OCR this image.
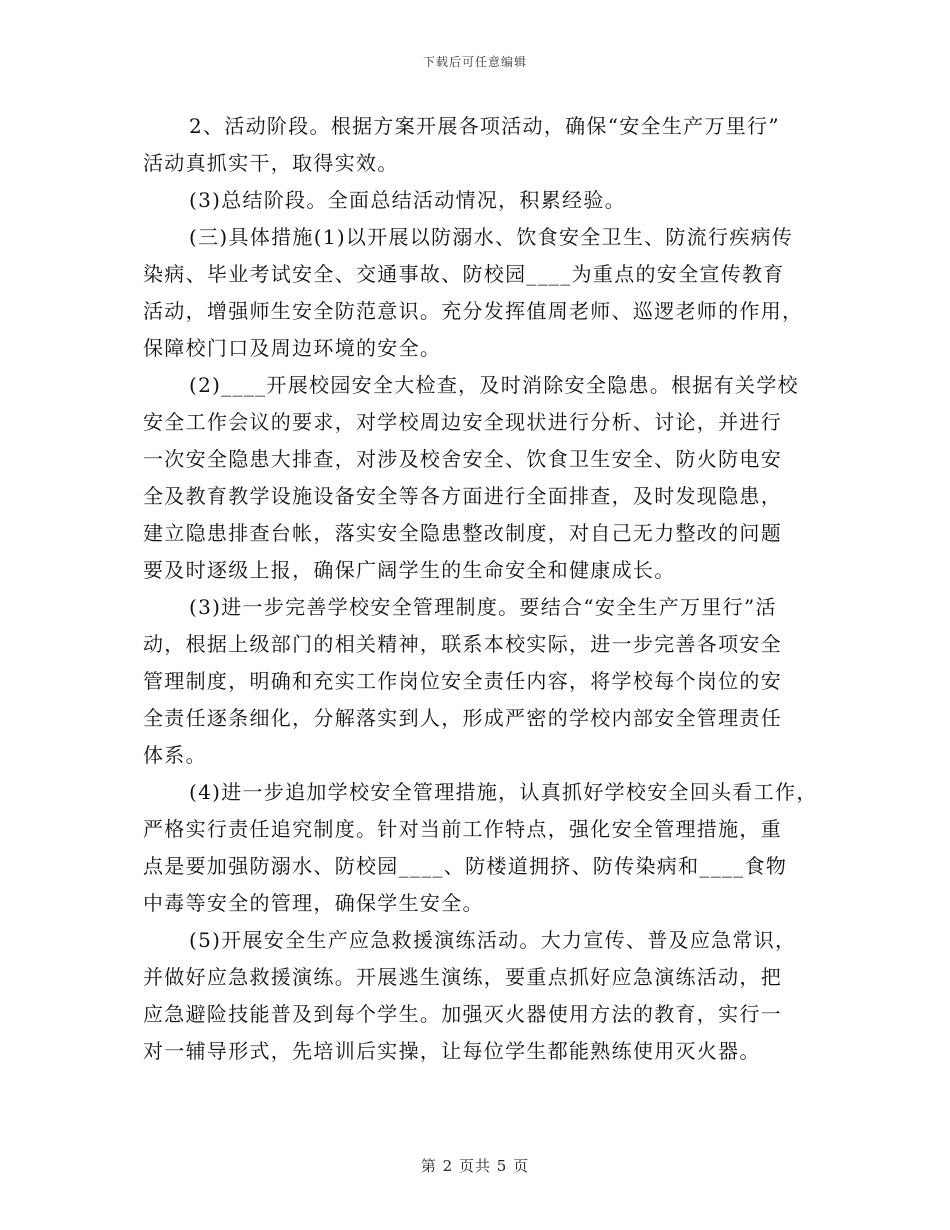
下载后可任意编辑
2、活动阶段。根据方案开展各项活动，确保“安全生产万里行”
活动真抓实干，取得实效。
(3)总结阶段。全面总结活动情况，积累经验。
(三)具体措施(1)以开展以防溺水、饮食安全卫生、防流行疾病传
染病、毕业考试安全、交通事故、防校园____为重点的安全宣传教育
活动，增强师生安全防范意识。充分发挥值周老师、巡逻老师的作用，
保障校门口及周边环境的安全。
(2)____开展校园安全大检查，及时消除安全隐患。根据有关学校
安全工作会议的要求，对学校周边安全现状进行分析、讨论，并进行
一次安全隐患大排查，对涉及校舍安全、饮食卫生安全、防火防电安
全及教育教学设施设备安全等各方面进行全面排查，及时发现隐患，
建立隐患排查台帐，落实安全隐患整改制度，对自己无力整改的问题
要及时逐级上报，确保广阔学生的生命安全和健康成长。
(3)进一步完善学校安全管理制度。要结合“安全生产万里行”活
动，根据上级部门的相关精神，联系本校实际，进一步完善各项安全
管理制度，明确和充实工作岗位安全责任内容，将学校每个岗位的安
全责任逐条细化，分解落实到人，形成严密的学校内部安全管理责任
体系。
(4)进一步追加学校安全管理措施，认真抓好学校安全回头看工作，
严格实行责任追究制度。针对当前工作特点，强化安全管理措施，重
点是要加强防溺水、防校园____、防楼道拥挤、防传染病和____食物
中毒等安全的管理，确保学生安全。
(5)开展安全生产应急救援演练活动。大力宣传、普及应急常识，
并做好应急救援演练。开展逃生演练，要重点抓好应急演练活动，把
应急避险技能普及到每个学生。加强灭火器使用方法的教育，实行一
对一辅导形式，先培训后实操，让每位学生都能熟练使用灭火器。
第 2 页共 5 页
